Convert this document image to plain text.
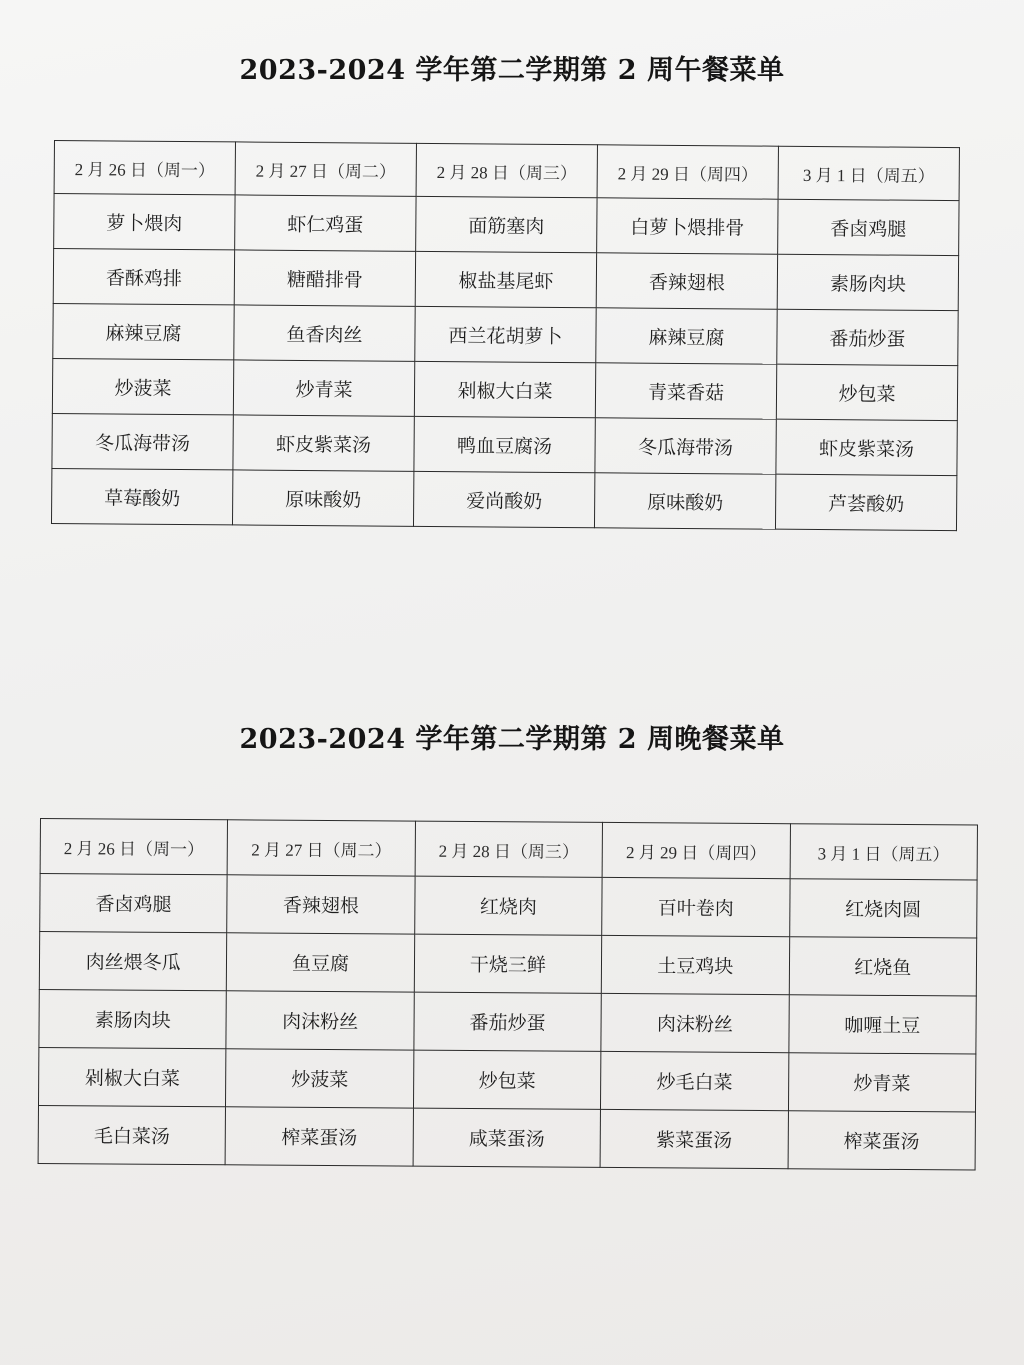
2023-2024 学年第二学期第 2 周午餐菜单
2 月 26 日（周一）	2 月 27 日（周二）	2 月 28 日（周三）	2 月 29 日（周四）	3 月 1 日（周五）
萝卜煨肉	虾仁鸡蛋	面筋塞肉	白萝卜煨排骨	香卤鸡腿
香酥鸡排	糖醋排骨	椒盐基尾虾	香辣翅根	素肠肉块
麻辣豆腐	鱼香肉丝	西兰花胡萝卜	麻辣豆腐	番茄炒蛋
炒菠菜	炒青菜	剁椒大白菜	青菜香菇	炒包菜
冬瓜海带汤	虾皮紫菜汤	鸭血豆腐汤	冬瓜海带汤	虾皮紫菜汤
草莓酸奶	原味酸奶	爱尚酸奶	原味酸奶	芦荟酸奶
2023-2024 学年第二学期第 2 周晚餐菜单
2 月 26 日（周一）	2 月 27 日（周二）	2 月 28 日（周三）	2 月 29 日（周四）	3 月 1 日（周五）
香卤鸡腿	香辣翅根	红烧肉	百叶卷肉	红烧肉圆
肉丝煨冬瓜	鱼豆腐	干烧三鲜	土豆鸡块	红烧鱼
素肠肉块	肉沫粉丝	番茄炒蛋	肉沫粉丝	咖喱土豆
剁椒大白菜	炒菠菜	炒包菜	炒毛白菜	炒青菜
毛白菜汤	榨菜蛋汤	咸菜蛋汤	紫菜蛋汤	榨菜蛋汤
